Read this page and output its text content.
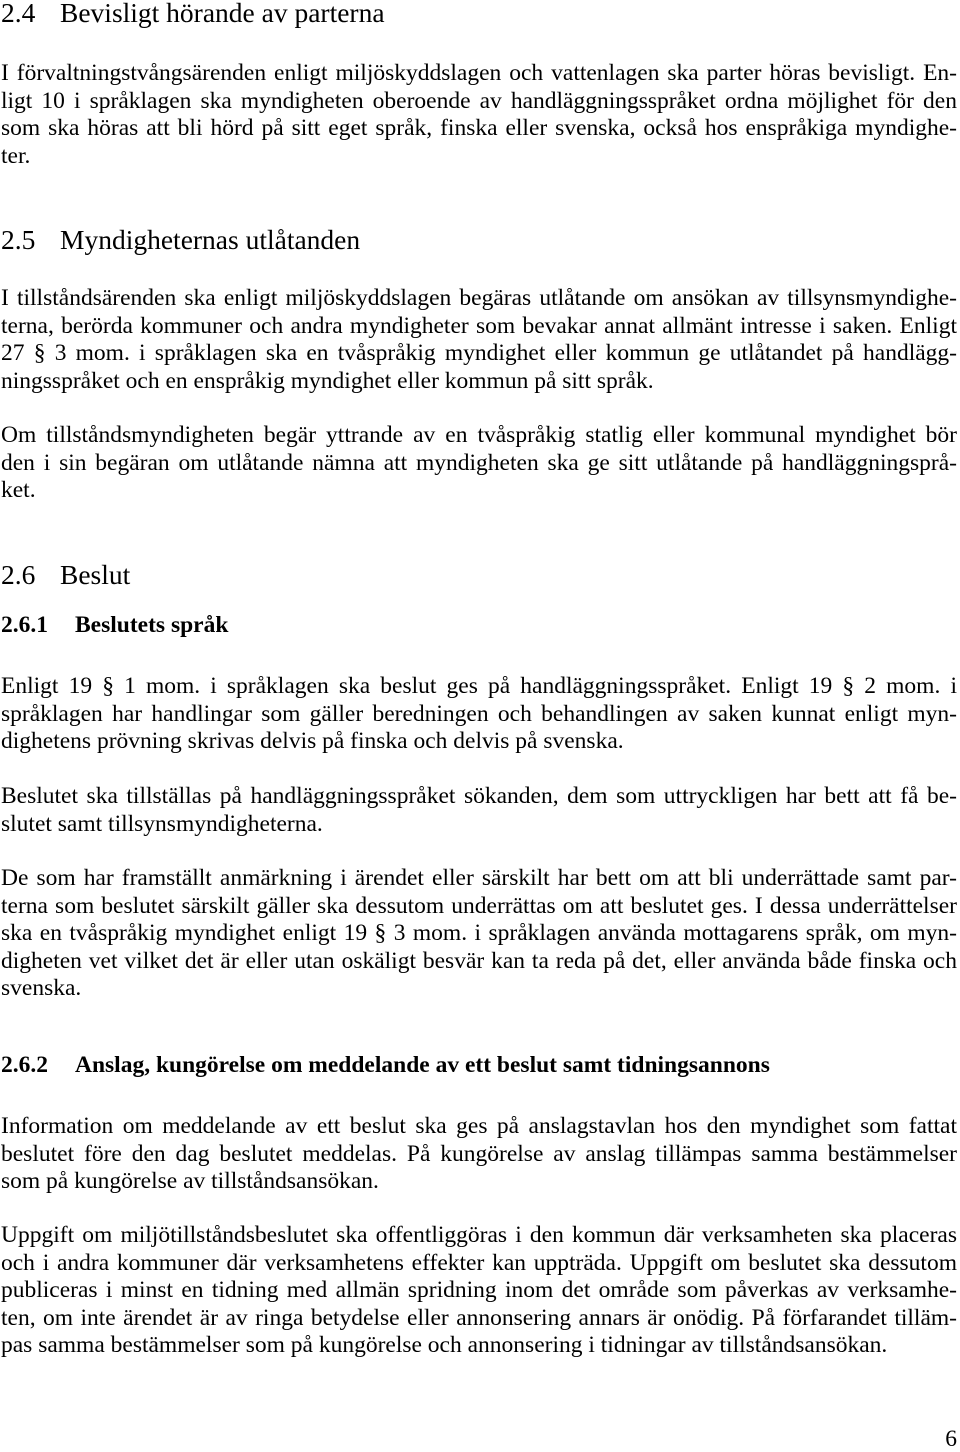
2.4 Bevisligt hörande av parterna
I förvaltningstvångsärenden enligt miljöskyddslagen och vattenlagen ska parter höras bevisligt. En-
ligt 10 i språklagen ska myndigheten oberoende av handläggningsspråket ordna möjlighet för den
som ska höras att bli hörd på sitt eget språk, finska eller svenska, också hos enspråkiga myndighe-
ter.
2.5 Myndigheternas utlåtanden
I tillståndsärenden ska enligt miljöskyddslagen begäras utlåtande om ansökan av tillsynsmyndighe-
terna, berörda kommuner och andra myndigheter som bevakar annat allmänt intresse i saken. Enligt
27 § 3 mom. i språklagen ska en tvåspråkig myndighet eller kommun ge utlåtandet på handlägg-
ningsspråket och en enspråkig myndighet eller kommun på sitt språk.
Om tillståndsmyndigheten begär yttrande av en tvåspråkig statlig eller kommunal myndighet bör
den i sin begäran om utlåtande nämna att myndigheten ska ge sitt utlåtande på handläggningsprå-
ket.
2.6 Beslut
2.6.1 Beslutets språk
Enligt 19 § 1 mom. i språklagen ska beslut ges på handläggningsspråket. Enligt 19 § 2 mom. i
språklagen har handlingar som gäller beredningen och behandlingen av saken kunnat enligt myn-
dighetens prövning skrivas delvis på finska och delvis på svenska.
Beslutet ska tillställas på handläggningsspråket sökanden, dem som uttryckligen har bett att få be-
slutet samt tillsynsmyndigheterna.
De som har framställt anmärkning i ärendet eller särskilt har bett om att bli underrättade samt par-
terna som beslutet särskilt gäller ska dessutom underrättas om att beslutet ges. I dessa underrättelser
ska en tvåspråkig myndighet enligt 19 § 3 mom. i språklagen använda mottagarens språk, om myn-
digheten vet vilket det är eller utan oskäligt besvär kan ta reda på det, eller använda både finska och
svenska.
2.6.2 Anslag, kungörelse om meddelande av ett beslut samt tidningsannons
Information om meddelande av ett beslut ska ges på anslagstavlan hos den myndighet som fattat
beslutet före den dag beslutet meddelas. På kungörelse av anslag tillämpas samma bestämmelser
som på kungörelse av tillståndsansökan.
Uppgift om miljötillståndsbeslutet ska offentliggöras i den kommun där verksamheten ska placeras
och i andra kommuner där verksamhetens effekter kan uppträda. Uppgift om beslutet ska dessutom
publiceras i minst en tidning med allmän spridning inom det område som påverkas av verksamhe-
ten, om inte ärendet är av ringa betydelse eller annonsering annars är onödig. På förfarandet tilläm-
pas samma bestämmelser som på kungörelse och annonsering i tidningar av tillståndsansökan.
6
